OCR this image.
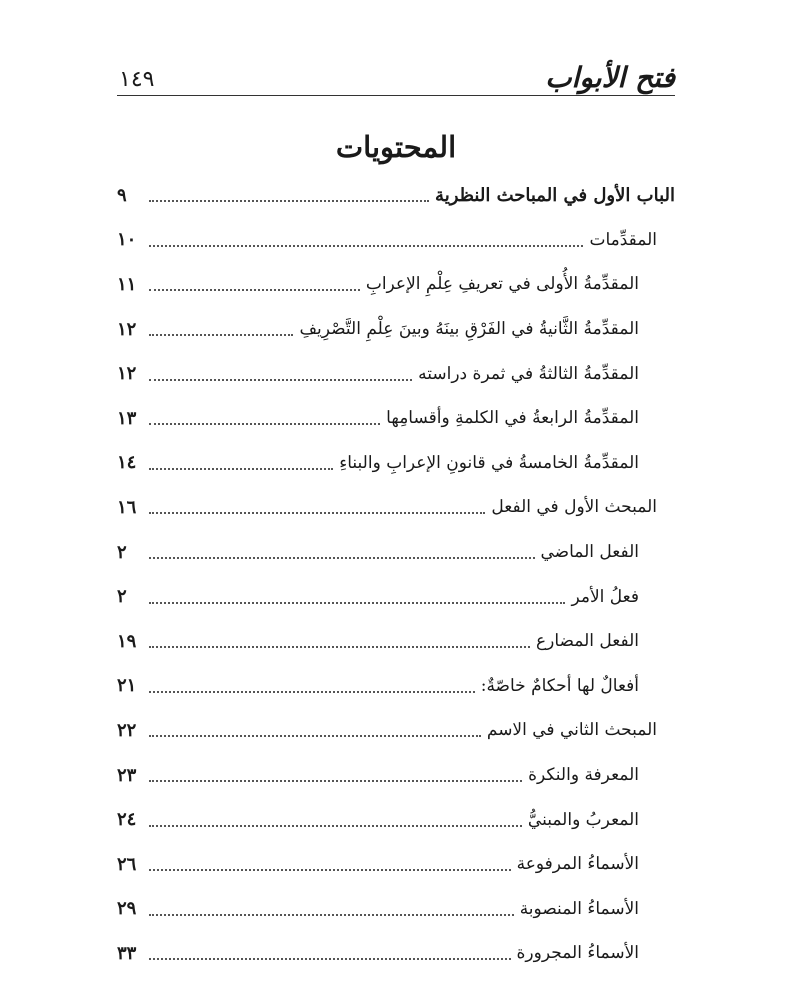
١٤٩	فتح الأبواب
المحتويات
الباب الأول في المباحث النظرية
٩
المقدِّمات
١٠
المقدِّمةُ الأُولى في تعريفِ عِلْمِ الإعرابِ
١١
المقدِّمةُ الثَّانيةُ في الفَرْقِ بينَهُ وبينَ عِلْمِ التَّصْرِيفِ
١٢
المقدِّمةُ الثالثةُ في ثمرة دراسته
١٢
المقدِّمةُ الرابعةُ في الكلمةِ وأقسامِها
١٣
المقدِّمةُ الخامسةُ في قانونِ الإعرابِ والبناءِ
١٤
المبحث الأول في الفعل
١٦
الفعل الماضي
٢
فعلُ الأمر
٢
الفعل المضارع
١٩
أفعالٌ لها أحكامٌ خاصّةٌ:
٢١
المبحث الثاني في الاسم
٢٢
المعرفة والنكرة
٢٣
المعربُ والمبنيُّ
٢٤
الأسماءُ المرفوعة
٢٦
الأسماءُ المنصوبة
٢٩
الأسماءُ المجرورة
٣٣
